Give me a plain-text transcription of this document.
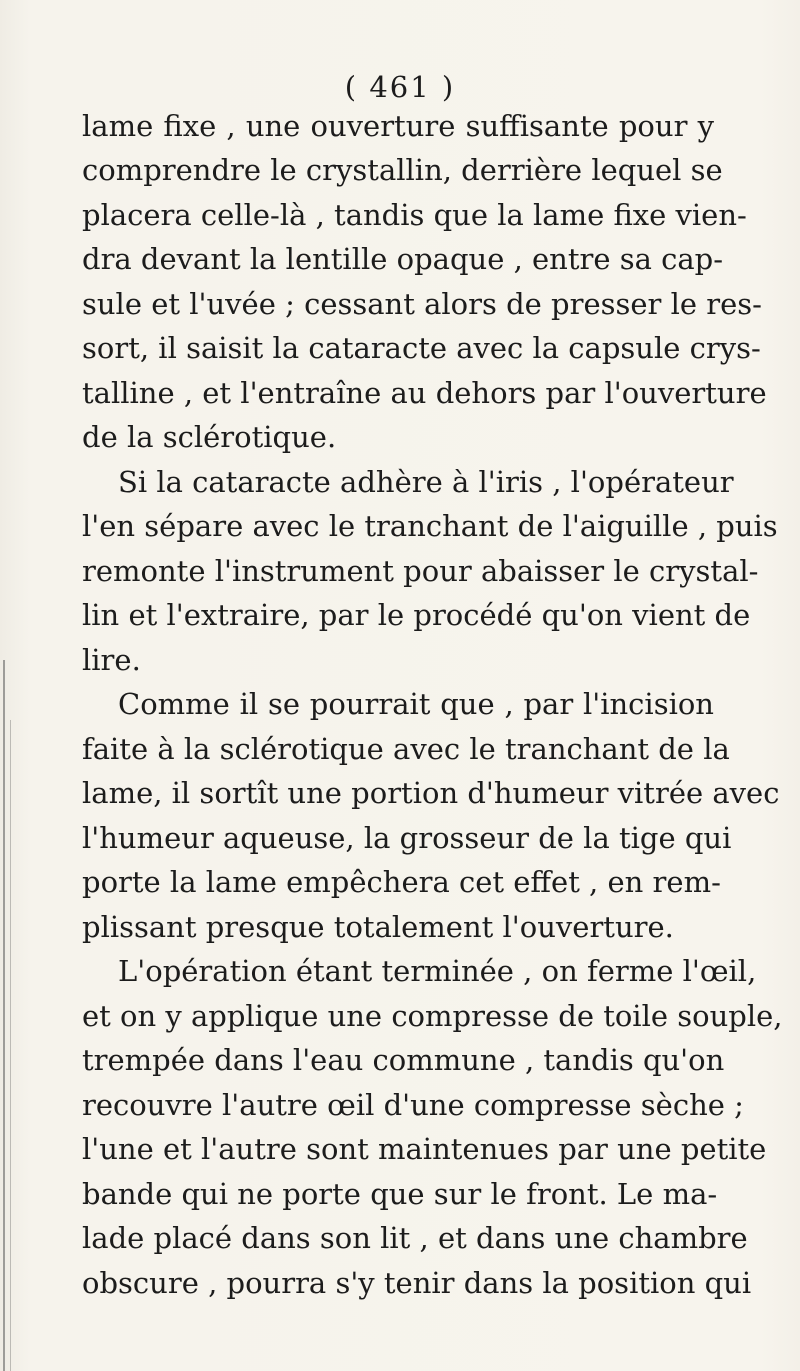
( 461 )
lame fixe , une ouverture suffisante pour y
comprendre le crystallin, derrière lequel se
placera celle-là , tandis que la lame fixe vien-
dra devant la lentille opaque , entre sa cap-
sule et l'uvée ; cessant alors de presser le res-
sort, il saisit la cataracte avec la capsule crys-
talline , et l'entraîne au dehors par l'ouverture
de la sclérotique.
Si la cataracte adhère à l'iris , l'opérateur
l'en sépare avec le tranchant de l'aiguille , puis
remonte l'instrument pour abaisser le crystal-
lin et l'extraire, par le procédé qu'on vient de
lire.
Comme il se pourrait que , par l'incision
faite à la sclérotique avec le tranchant de la
lame, il sortît une portion d'humeur vitrée avec
l'humeur aqueuse, la grosseur de la tige qui
porte la lame empêchera cet effet , en rem-
plissant presque totalement l'ouverture.
L'opération étant terminée , on ferme l'œil,
et on y applique une compresse de toile souple,
trempée dans l'eau commune , tandis qu'on
recouvre l'autre œil d'une compresse sèche ;
l'une et l'autre sont maintenues par une petite
bande qui ne porte que sur le front. Le ma-
lade placé dans son lit , et dans une chambre
obscure , pourra s'y tenir dans la position qui
